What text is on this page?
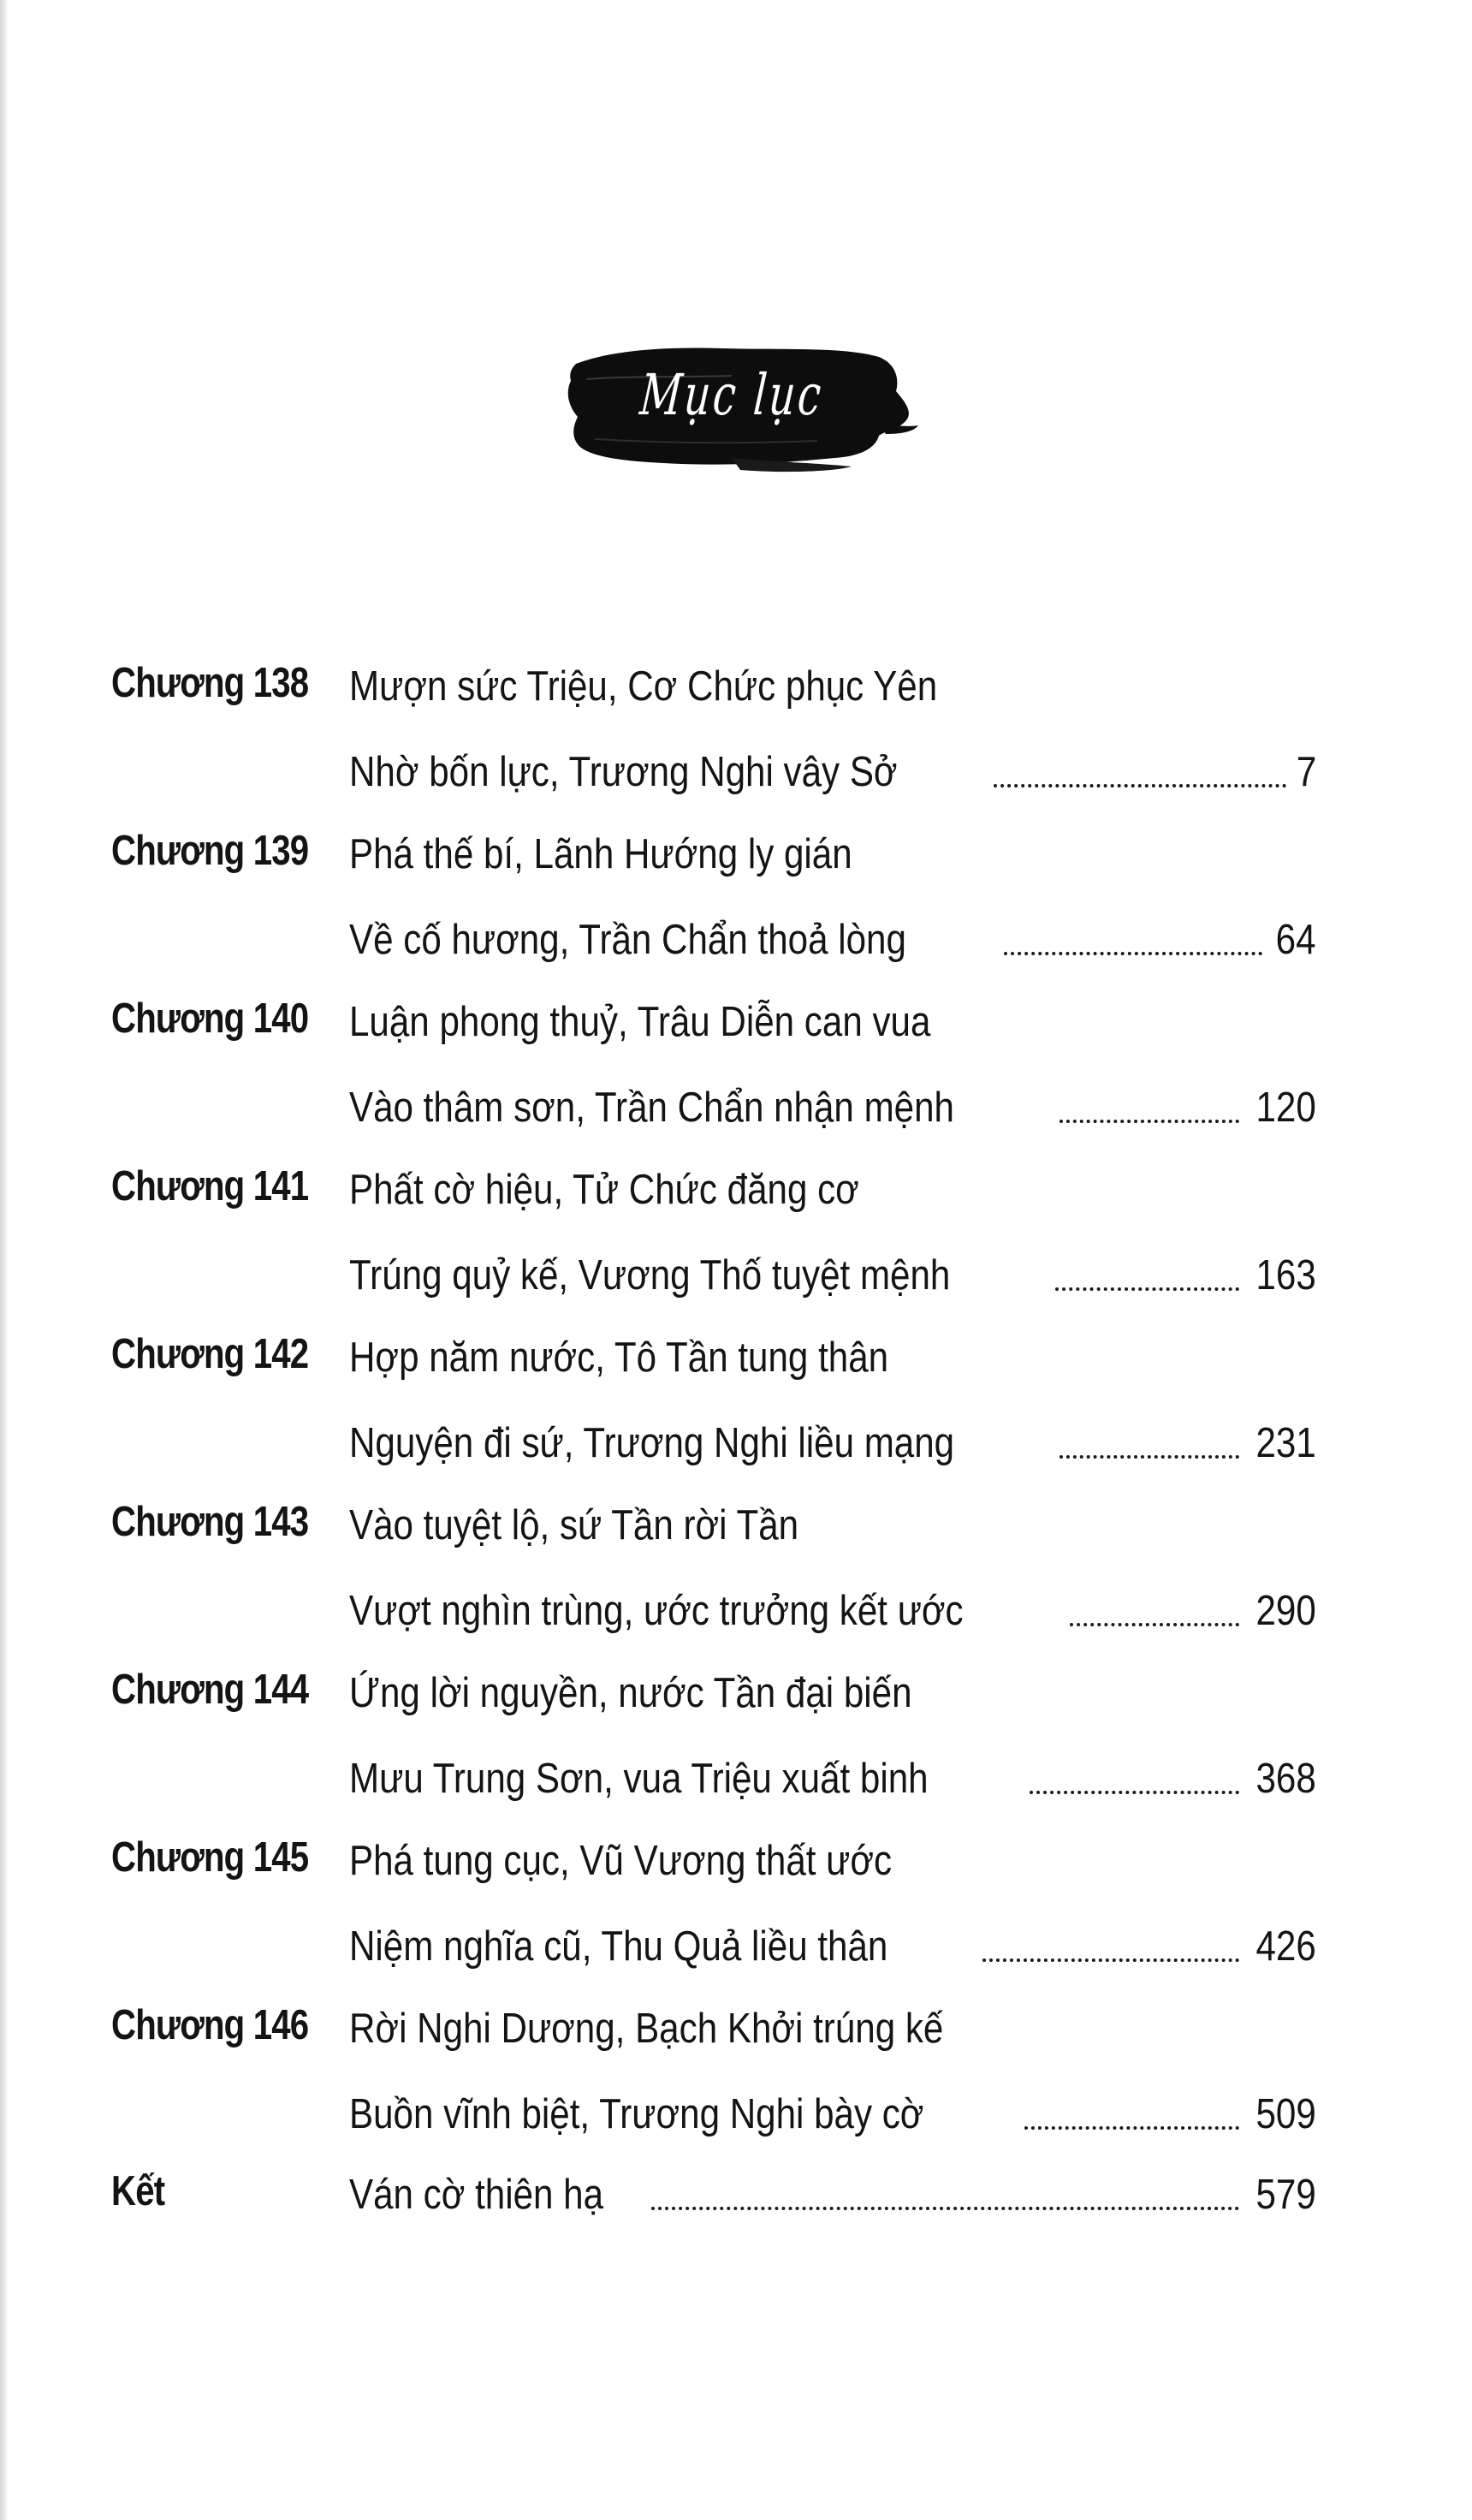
Mục lục
Chương 138 Mượn sức Triệu, Cơ Chức phục Yên
Nhờ bốn lực, Trương Nghi vây Sở	7
Chương 139 Phá thế bí, Lãnh Hướng ly gián
Về cố hương, Trần Chẩn thoả lòng	64
Chương 140 Luận phong thuỷ, Trâu Diễn can vua
Vào thâm sơn, Trần Chẩn nhận mệnh	120
Chương 141 Phất cờ hiệu, Tử Chức đăng cơ
Trúng quỷ kế, Vương Thố tuyệt mệnh	163
Chương 142 Hợp năm nước, Tô Tần tung thân
Nguyện đi sứ, Trương Nghi liều mạng	231
Chương 143 Vào tuyệt lộ, sứ Tần rời Tần
Vượt nghìn trùng, ước trưởng kết ước	290
Chương 144 Ứng lời nguyền, nước Tần đại biến
Mưu Trung Sơn, vua Triệu xuất binh	368
Chương 145 Phá tung cục, Vũ Vương thất ước
Niệm nghĩa cũ, Thu Quả liều thân	426
Chương 146 Rời Nghi Dương, Bạch Khởi trúng kế
Buồn vĩnh biệt, Trương Nghi bày cờ	509
Kết	Ván cờ thiên hạ	579
